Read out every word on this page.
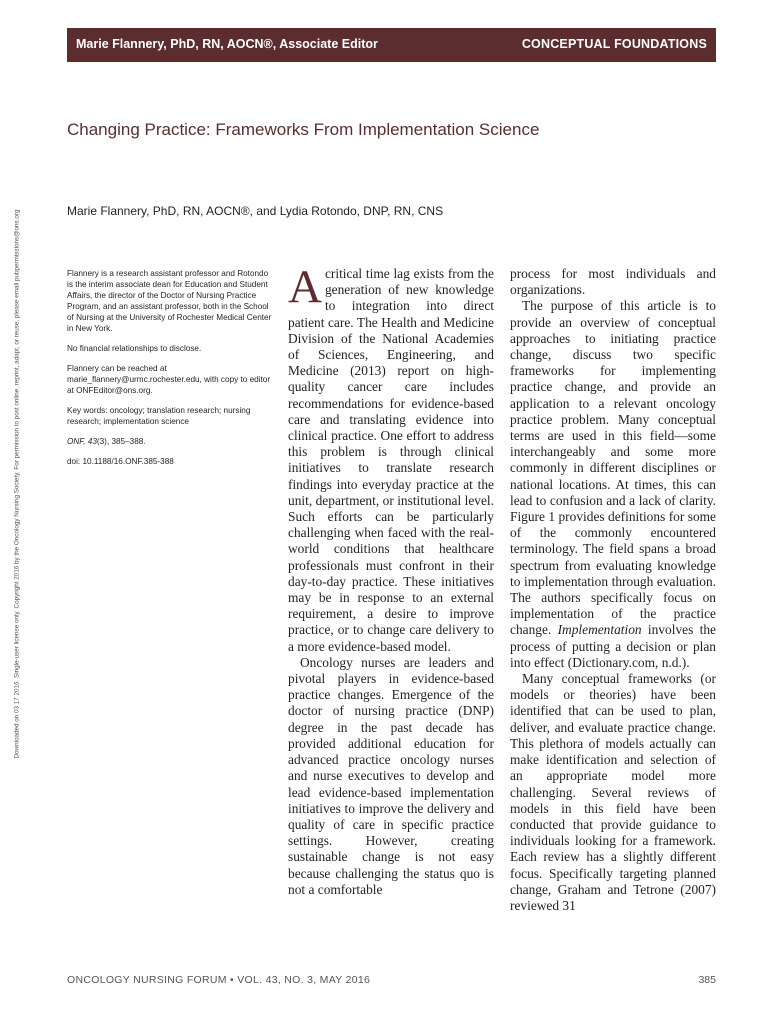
Marie Flannery, PhD, RN, AOCN®, Associate Editor	CONCEPTUAL FOUNDATIONS
Downloaded on 03 17 2016. Single-user license only. Copyright 2016 by the Oncology Nursing Society. For permission to post online, reprint, adapt, or reuse, please email pubpermissions@ons.org
Changing Practice: Frameworks From Implementation Science
Marie Flannery, PhD, RN, AOCN®, and Lydia Rotondo, DNP, RN, CNS

Flannery is a research assistant professor and Rotondo is the interim associate dean for Education and Student Affairs, the director of the Doctor of Nursing Practice Program, and an assistant professor, both in the School of Nursing at the University of Rochester Medical Center in New York.

No financial relationships to disclose.

Flannery can be reached at marie_flannery@urmc.rochester.edu, with copy to editor at ONFEditor@ons.org.

Key words: oncology; translation research; nursing research; implementation science

ONF, 43(3), 385–388.

doi: 10.1188/16.ONF.385-388

Acritical time lag exists from the generation of new knowledge to integration into direct patient care. The Health and Medicine Division of the National Academies of Sciences, Engineering, and Medicine (2013) report on high-quality cancer care includes recommendations for evidence-based care and translating evidence into clinical practice. One effort to address this problem is through clinical initiatives to translate research findings into everyday practice at the unit, department, or institutional level. Such efforts can be particularly challenging when faced with the real-world conditions that healthcare professionals must confront in their day-to-day practice. These initiatives may be in response to an external requirement, a desire to improve practice, or to change care delivery to a more evidence-based model.

Oncology nurses are leaders and pivotal players in evidence-based practice changes. Emergence of the doctor of nursing practice (DNP) degree in the past decade has provided additional education for advanced practice oncology nurses and nurse executives to develop and lead evidence-based implementation initiatives to improve the delivery and quality of care in specific practice settings. However, creating sustainable change is not easy because challenging the status quo is not a comfortable

process for most individuals and organizations.

The purpose of this article is to provide an overview of conceptual approaches to initiating practice change, discuss two specific frameworks for implementing practice change, and provide an application to a relevant oncology practice problem. Many conceptual terms are used in this field—some interchangeably and some more commonly in different disciplines or national locations. At times, this can lead to confusion and a lack of clarity. Figure 1 provides definitions for some of the commonly encountered terminology. The field spans a broad spectrum from evaluating knowledge to implementation through evaluation. The authors specifically focus on implementation of the practice change. Implementation involves the process of putting a decision or plan into effect (Dictionary.com, n.d.).

Many conceptual frameworks (or models or theories) have been identified that can be used to plan, deliver, and evaluate practice change. This plethora of models actually can make identification and selection of an appropriate model more challenging. Several reviews of models in this field have been conducted that provide guidance to individuals looking for a framework. Each review has a slightly different focus. Specifically targeting planned change, Graham and Tetrone (2007) reviewed 31

ONCOLOGY NURSING FORUM • VOL. 43, NO. 3, MAY 2016	385
